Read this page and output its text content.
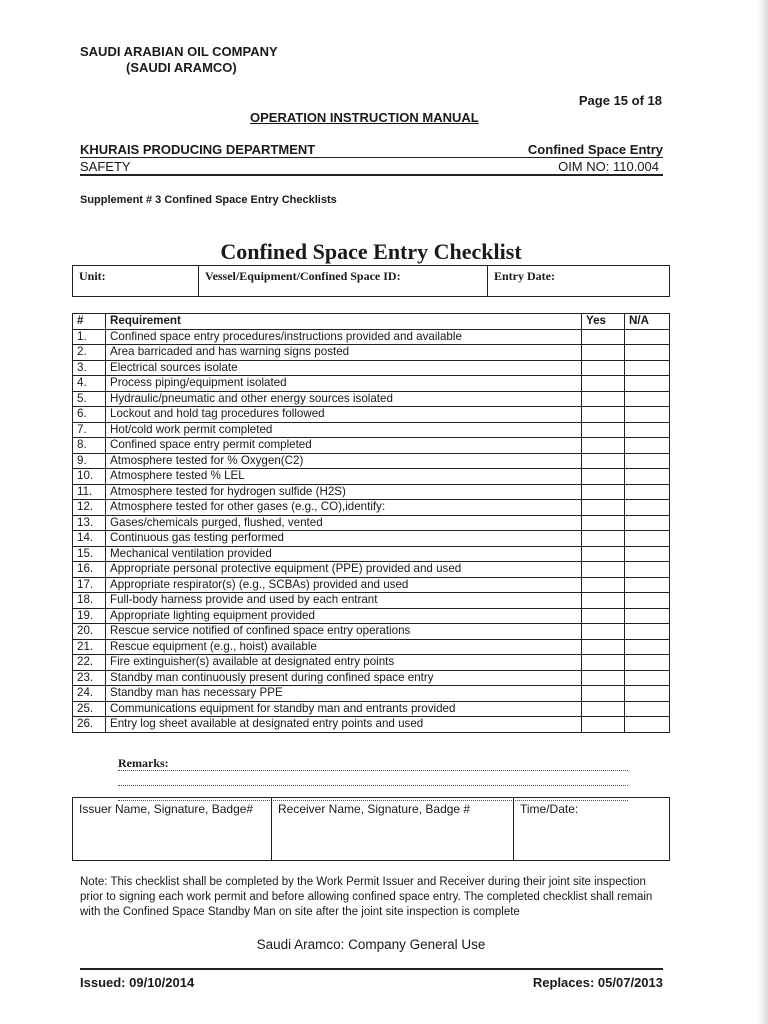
SAUDI ARABIAN OIL COMPANY
(SAUDI ARAMCO)
Page 15 of 18
OPERATION INSTRUCTION MANUAL
KHURAIS PRODUCING DEPARTMENT	Confined Space Entry
SAFETY	OIM NO: 110.004
Supplement # 3 Confined Space Entry Checklists
Confined Space Entry Checklist
Unit:	Vessel/Equipment/Confined Space ID:	Entry Date:
#	Requirement	Yes	N/A
1.	Confined space entry procedures/instructions provided and available		
2.	Area barricaded and has warning signs posted		
3.	Electrical sources isolate		
4.	Process piping/equipment isolated		
5.	Hydraulic/pneumatic and other energy sources isolated		
6.	Lockout and hold tag procedures followed		
7.	Hot/cold work permit completed		
8.	Confined space entry permit completed		
9.	Atmosphere tested for % Oxygen(C2)		
10.	Atmosphere tested % LEL		
11.	Atmosphere tested for hydrogen sulfide (H2S)		
12.	Atmosphere tested for other gases (e.g., CO),identify:		
13.	Gases/chemicals purged, flushed, vented		
14.	Continuous gas testing performed		
15.	Mechanical ventilation provided		
16.	Appropriate personal protective equipment (PPE) provided and used		
17.	Appropriate respirator(s) (e.g., SCBAs) provided and used		
18.	Full-body harness provide and used by each entrant		
19.	Appropriate lighting equipment provided		
20.	Rescue service notified of confined space entry operations		
21.	Rescue equipment (e.g., hoist) available		
22.	Fire extinguisher(s) available at designated entry points		
23.	Standby man continuously present during confined space entry		
24.	Standby man has necessary PPE		
25.	Communications equipment for standby man and entrants provided		
26.	Entry log sheet available at designated entry points and used		
Remarks:
Issuer Name, Signature, Badge#	Receiver Name, Signature, Badge #	Time/Date:
Note: This checklist shall be completed by the Work Permit Issuer and Receiver during their joint site inspection prior to signing each work permit and before allowing confined space entry. The completed checklist shall remain with the Confined Space Standby Man on site after the joint site inspection is complete
Saudi Aramco: Company General Use
Issued: 09/10/2014	Replaces: 05/07/2013
